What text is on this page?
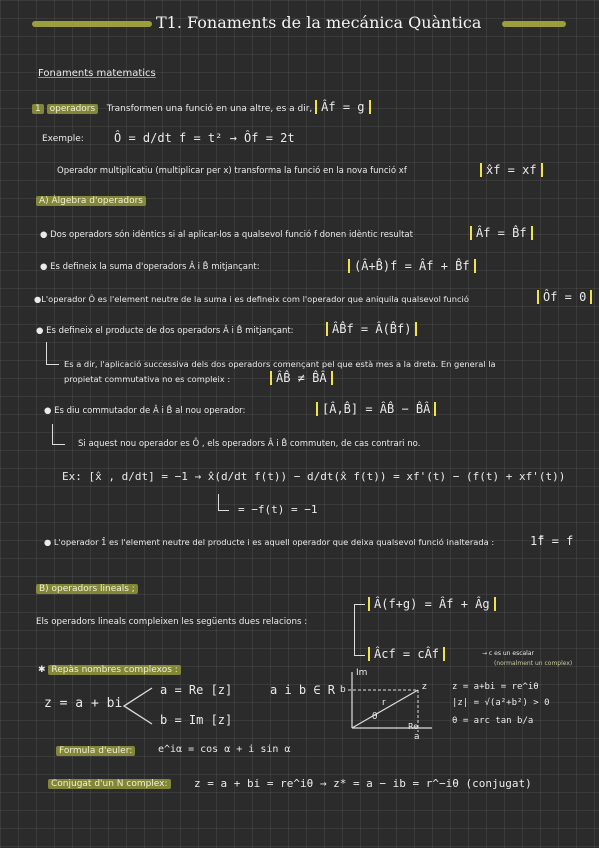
T1. Fonaments de la mecánica Quàntica
Fonaments matematics
1 operadors Transformen una funció en una altre, es a dir, Âf = g
Exemple:	Ô = d/dt f = t² → Ôf = 2t
Operador multiplicatiu (multiplicar per x) transforma la funció en la nova funció xf	x̂f = xf
A) Àlgebra d'operadors
● Dos operadors són idèntics si al aplicar-los a qualsevol funció f donen idèntic resultat	Âf = B̂f
● Es defineix la suma d'operadors Â i B̂ mitjançant:	(Â+B̂)f = Âf + B̂f
●L'operador Ô es l'element neutre de la suma i es defineix com l'operador que aniquila qualsevol funció	Ôf = 0
● Es defineix el producte de dos operadors Â i B̂ mitjançant:	ÂB̂f = Â(B̂f)
Es a dir, l'aplicació successiva dels dos operadors començant pel que està mes a la dreta. En general la
propietat commutativa no es compleix :	ÂB̂ ≠ B̂Â
● Es diu commutador de Â i B̂ al nou operador:	[Â,B̂] = ÂB̂ − B̂Â
Si aquest nou operador es Ô , els operadors Â i B̂ commuten, de cas contrari no.
Ex: [x̂ , d/dt] = −1 → x̂(d/dt f(t)) − d/dt(x̂ f(t)) = xf'(t) − (f(t) + xf'(t))
= −f(t) = −1
● L'operador 1̂ es l'element neutre del producte i es aquell operador que deixa qualsevol funció inalterada :	1̂f = f
B) operadors lineals ;
Els operadors lineals compleixen les següents dues relacions :
Â(f+g) = Âf + Âg
Âcf = cÂf	→ c es un escalar
(normalment un complex)
✱ Repàs nombres complexos :
z = a + bi
a = Re [z]
b = Im [z]
a i b ∈ R
Im
Re
b
a
z
r
θ
z = a+bi = re^iθ
|z| = √(a²+b²) > 0
θ = arc tan b/a
Formula d'euler:	e^iα = cos α + i sin α
Conjugat d'un N complex: z = a + bi = re^iθ → z* = a − ib = r^−iθ (conjugat)
